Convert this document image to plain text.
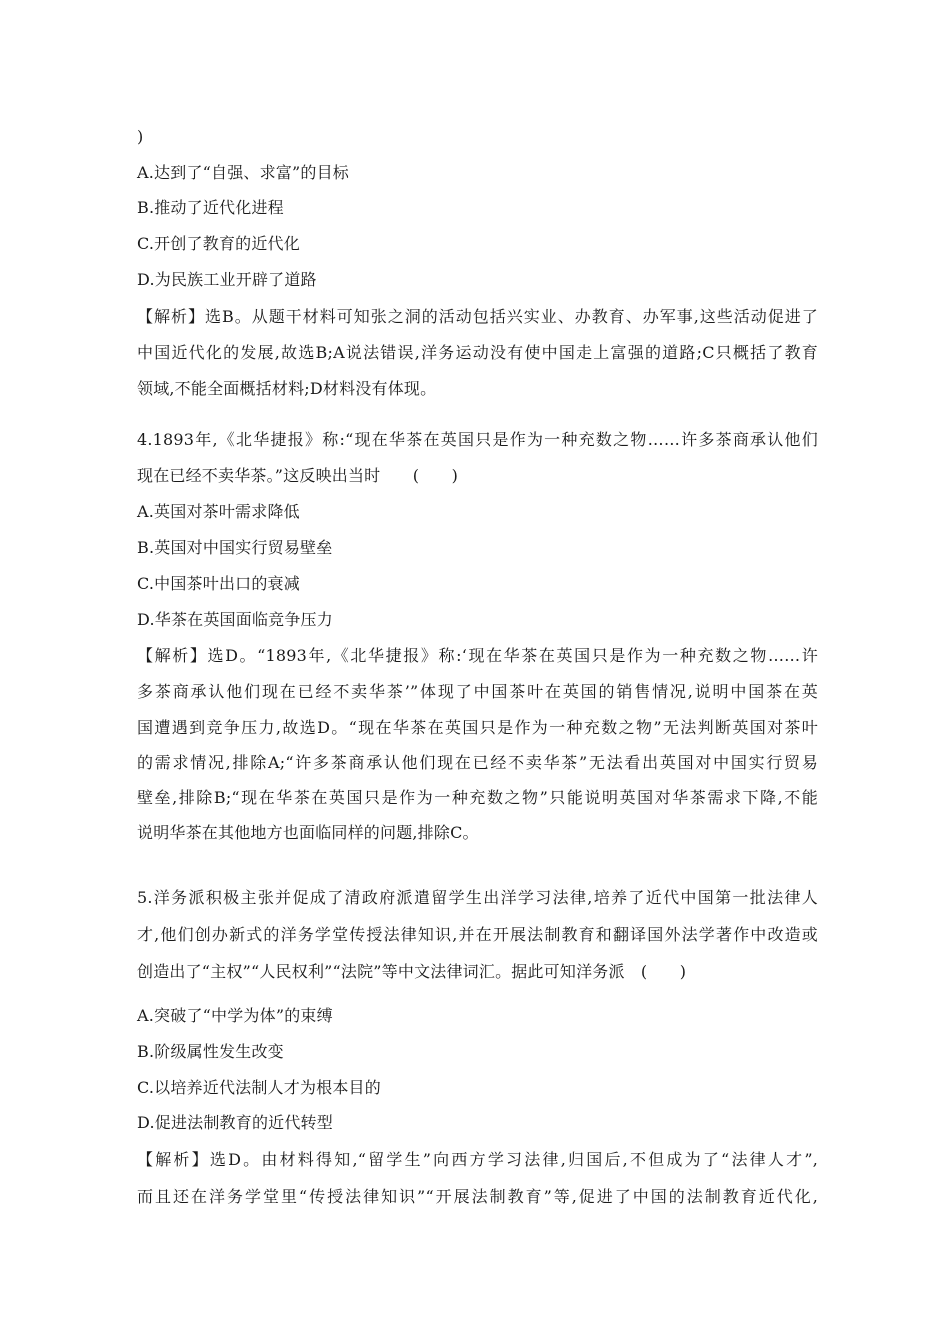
)
A.达到了“自强、求富”的目标
B.推动了近代化进程
C.开创了教育的近代化
D.为民族工业开辟了道路
【解析】选B。从题干材料可知张之洞的活动包括兴实业、办教育、办军事,这些活动促进了
中国近代化的发展,故选B;A说法错误,洋务运动没有使中国走上富强的道路;C只概括了教育
领域,不能全面概括材料;D材料没有体现。
4.1893年,《北华捷报》称:“现在华茶在英国只是作为一种充数之物……许多茶商承认他们
现在已经不卖华茶。”这反映出当时　　(　　)
A.英国对茶叶需求降低
B.英国对中国实行贸易壁垒
C.中国茶叶出口的衰减
D.华茶在英国面临竞争压力
【解析】选D。“1893年,《北华捷报》称:‘现在华茶在英国只是作为一种充数之物……许
多茶商承认他们现在已经不卖华茶’”体现了中国茶叶在英国的销售情况,说明中国茶在英
国遭遇到竞争压力,故选D。“现在华茶在英国只是作为一种充数之物”无法判断英国对茶叶
的需求情况,排除A;“许多茶商承认他们现在已经不卖华茶”无法看出英国对中国实行贸易
壁垒,排除B;“现在华茶在英国只是作为一种充数之物”只能说明英国对华茶需求下降,不能
说明华茶在其他地方也面临同样的问题,排除C。
5.洋务派积极主张并促成了清政府派遣留学生出洋学习法律,培养了近代中国第一批法律人
才,他们创办新式的洋务学堂传授法律知识,并在开展法制教育和翻译国外法学著作中改造或
创造出了“主权”“人民权利”“法院”等中文法律词汇。据此可知洋务派　(　　)
A.突破了“中学为体”的束缚
B.阶级属性发生改变
C.以培养近代法制人才为根本目的
D.促进法制教育的近代转型
【解析】选D。由材料得知,“留学生”向西方学习法律,归国后,不但成为了“法律人才”,
而且还在洋务学堂里“传授法律知识”“开展法制教育”等,促进了中国的法制教育近代化,
